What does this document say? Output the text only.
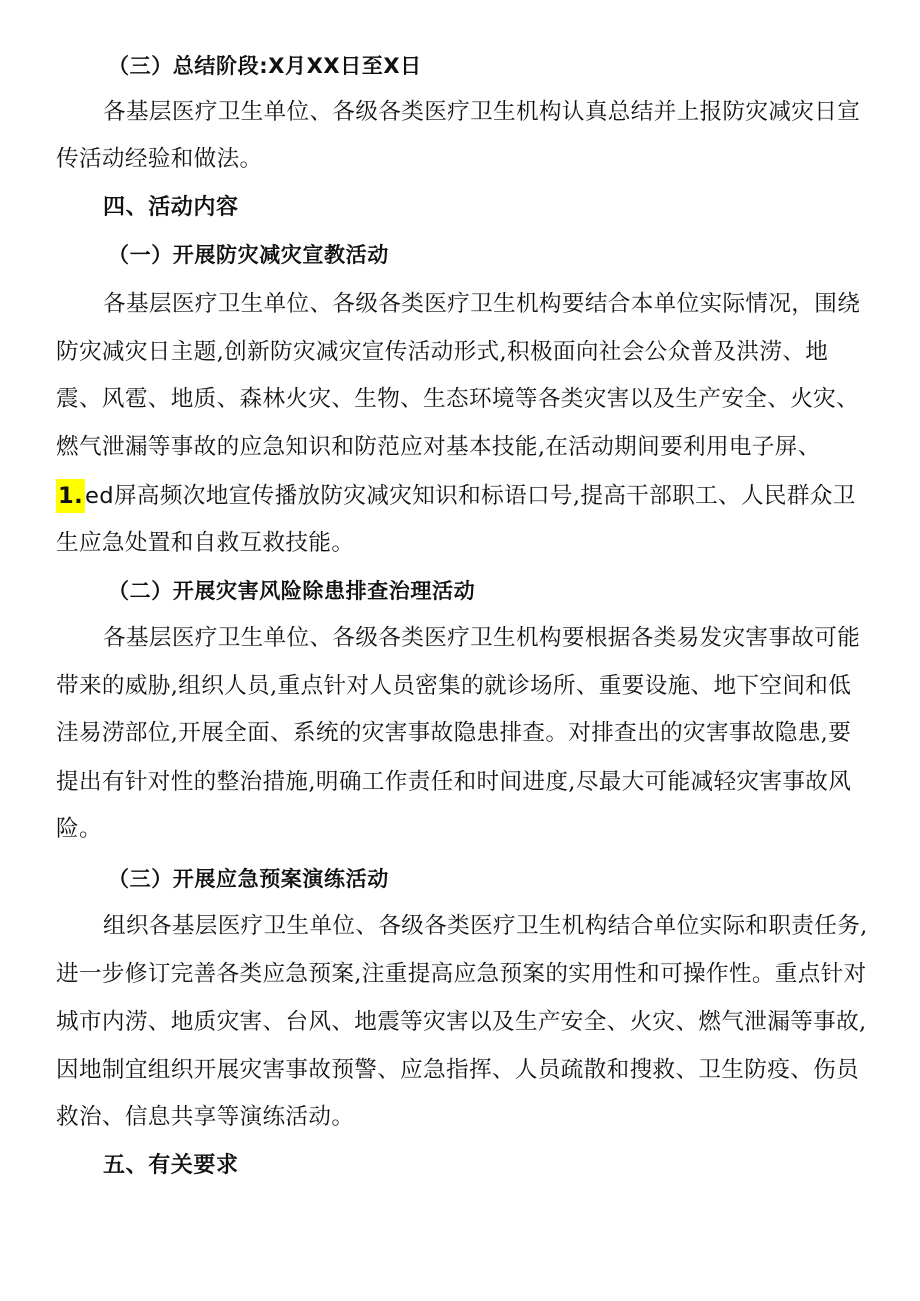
（三）总结阶段:X月XX日至X日
各基层医疗卫生单位、各级各类医疗卫生机构认真总结并上报防灾减灾日宣
传活动经验和做法。
四、活动内容
（一）开展防灾减灾宣教活动
各基层医疗卫生单位、各级各类医疗卫生机构要结合本单位实际情况，围绕
防灾减灾日主题,创新防灾减灾宣传活动形式,积极面向社会公众普及洪涝、地
震、风雹、地质、森林火灾、生物、生态环境等各类灾害以及生产安全、火灾、
燃气泄漏等事故的应急知识和防范应对基本技能,在活动期间要利用电子屏、
1.ed屏高频次地宣传播放防灾减灾知识和标语口号,提高干部职工、人民群众卫
生应急处置和自救互救技能。
（二）开展灾害风险除患排查治理活动
各基层医疗卫生单位、各级各类医疗卫生机构要根据各类易发灾害事故可能
带来的威胁,组织人员,重点针对人员密集的就诊场所、重要设施、地下空间和低
洼易涝部位,开展全面、系统的灾害事故隐患排查。对排查出的灾害事故隐患,要
提出有针对性的整治措施,明确工作责任和时间进度,尽最大可能减轻灾害事故风
险。
（三）开展应急预案演练活动
组织各基层医疗卫生单位、各级各类医疗卫生机构结合单位实际和职责任务,
进一步修订完善各类应急预案,注重提高应急预案的实用性和可操作性。重点针对
城市内涝、地质灾害、台风、地震等灾害以及生产安全、火灾、燃气泄漏等事故,
因地制宜组织开展灾害事故预警、应急指挥、人员疏散和搜救、卫生防疫、伤员
救治、信息共享等演练活动。
五、有关要求
